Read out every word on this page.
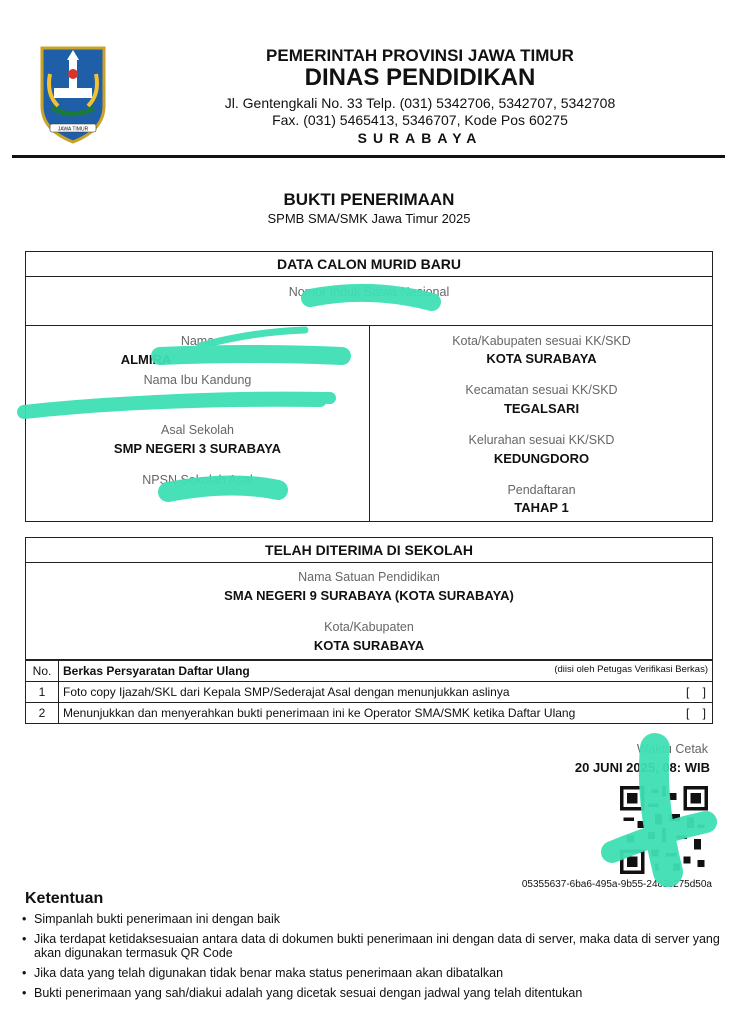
JAWA TIMUR
PEMERINTAH PROVINSI JAWA TIMUR
DINAS PENDIDIKAN
Jl. Gentengkali No. 33 Telp. (031) 5342706, 5342707, 5342708
Fax. (031) 5465413, 5346707, Kode Pos 60275
SURABAYA
BUKTI PENERIMAAN
SPMB SMA/SMK Jawa Timur 2025
DATA CALON MURID BARU
Nomor Induk Siswa Nasional
Nama
ALMIRA
Nama Ibu Kandung
Asal Sekolah
SMP NEGERI 3 SURABAYA
NPSN Sekolah Asal
Kota/Kabupaten sesuai KK/SKD
KOTA SURABAYA
Kecamatan sesuai KK/SKD
TEGALSARI
Kelurahan sesuai KK/SKD
KEDUNGDORO
Pendaftaran
TAHAP 1
TELAH DITERIMA DI SEKOLAH
Nama Satuan Pendidikan
SMA NEGERI 9 SURABAYA (KOTA SURABAYA)
Kota/Kabupaten
KOTA SURABAYA
No.	Berkas Persyaratan Daftar Ulang (diisi oleh Petugas Verifikasi Berkas)

1	Foto copy Ijazah/SKL dari Kepala SMP/Sederajat Asal dengan menunjukkan aslinya [    ]

2	Menunjukkan dan menyerahkan bukti penerimaan ini ke Operator SMA/SMK ketika Daftar Ulang [    ]
Waktu Cetak
20 JUNI 2025, 08: WIB
05355637-6ba6-495a-9b55-24c3c275d50a
Ketentuan
• Simpanlah bukti penerimaan ini dengan baik
• Jika terdapat ketidaksesuaian antara data di dokumen bukti penerimaan ini dengan data di server, maka data di server yang akan digunakan termasuk QR Code
• Jika data yang telah digunakan tidak benar maka status penerimaan akan dibatalkan
• Bukti penerimaan yang sah/diakui adalah yang dicetak sesuai dengan jadwal yang telah ditentukan
